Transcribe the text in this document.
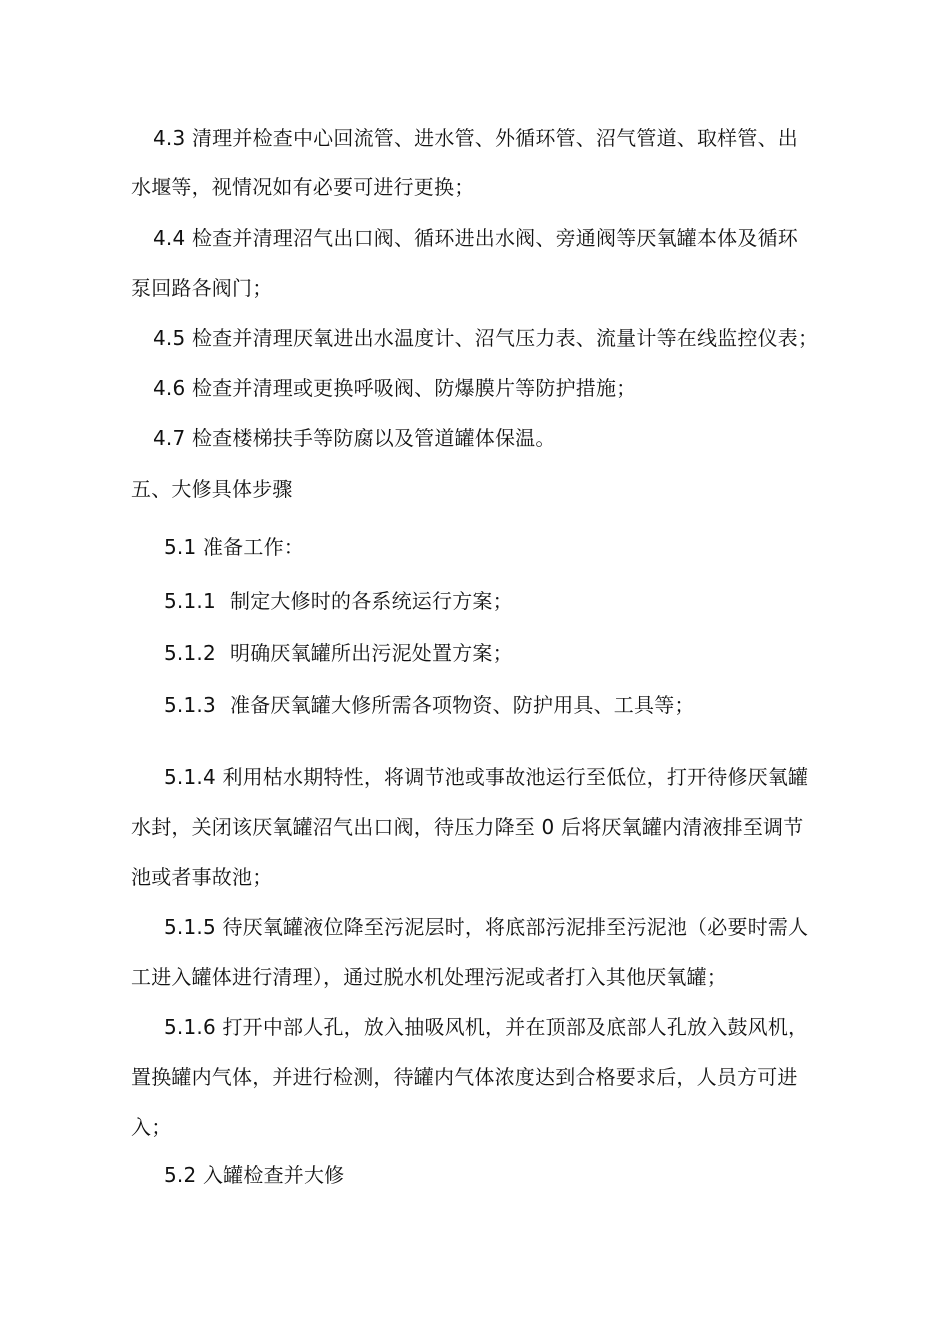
4.3 清理并检查中心回流管、进水管、外循环管、沼气管道、取样管、出
水堰等，视情况如有必要可进行更换；
4.4 检查并清理沼气出口阀、循环进出水阀、旁通阀等厌氧罐本体及循环
泵回路各阀门；
4.5 检查并清理厌氧进出水温度计、沼气压力表、流量计等在线监控仪表；
4.6 检查并清理或更换呼吸阀、防爆膜片等防护措施；
4.7 检查楼梯扶手等防腐以及管道罐体保温。
五、大修具体步骤
5.1 准备工作：
5.1.1 制定大修时的各系统运行方案；
5.1.2 明确厌氧罐所出污泥处置方案；
5.1.3 准备厌氧罐大修所需各项物资、防护用具、工具等；
5.1.4 利用枯水期特性，将调节池或事故池运行至低位，打开待修厌氧罐
水封，关闭该厌氧罐沼气出口阀，待压力降至 0 后将厌氧罐内清液排至调节
池或者事故池；
5.1.5 待厌氧罐液位降至污泥层时，将底部污泥排至污泥池（必要时需人
工进入罐体进行清理），通过脱水机处理污泥或者打入其他厌氧罐；
5.1.6 打开中部人孔，放入抽吸风机，并在顶部及底部人孔放入鼓风机，
置换罐内气体，并进行检测，待罐内气体浓度达到合格要求后，人员方可进
入；
5.2 入罐检查并大修
